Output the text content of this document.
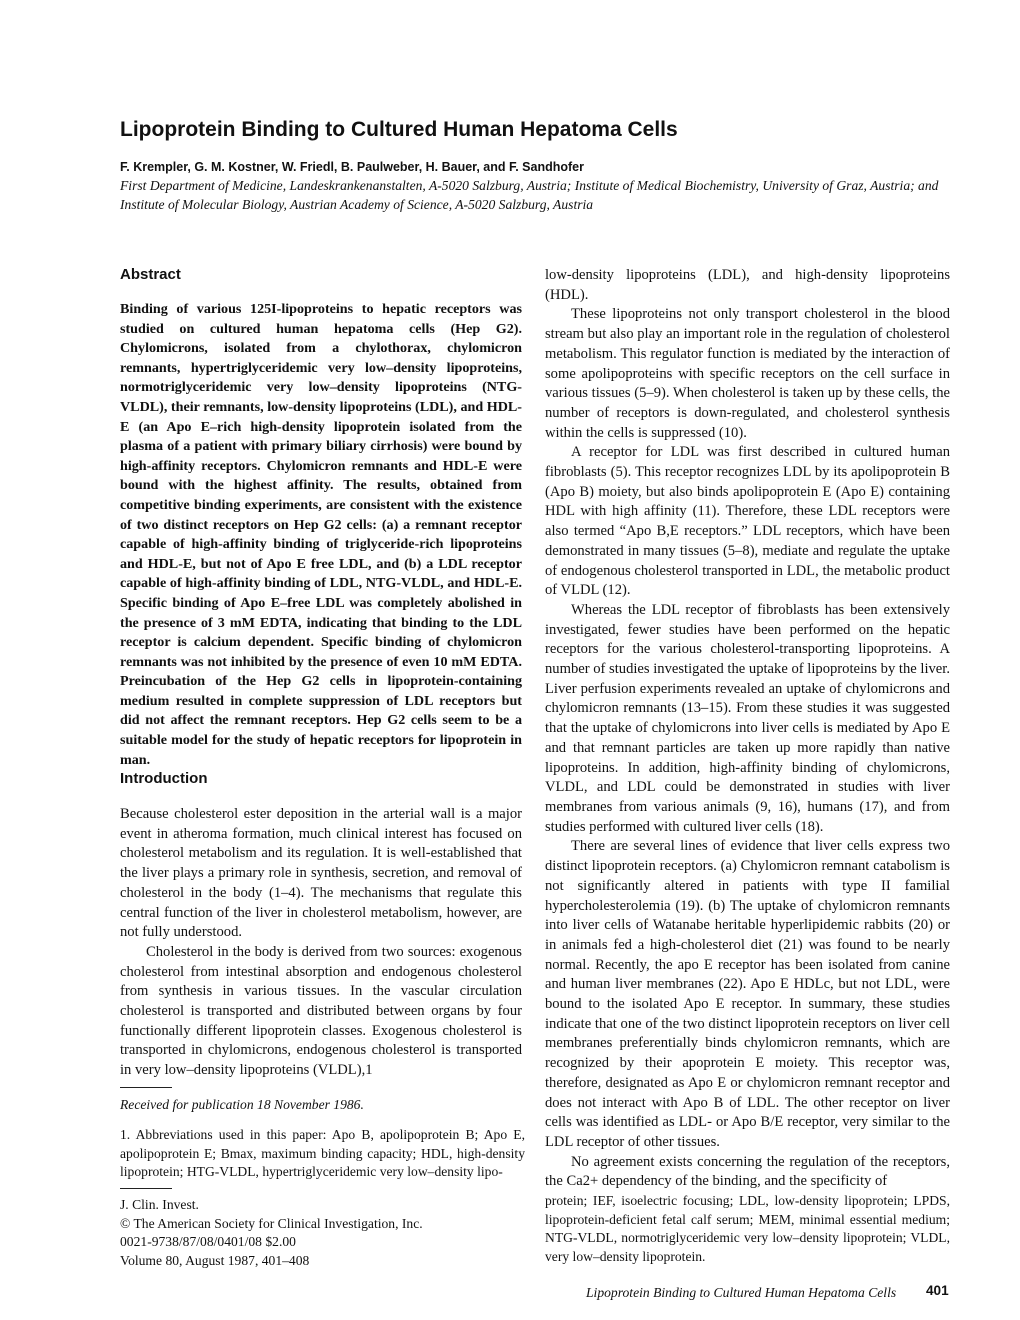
Lipoprotein Binding to Cultured Human Hepatoma Cells
F. Krempler, G. M. Kostner, W. Friedl, B. Paulweber, H. Bauer, and F. Sandhofer
First Department of Medicine, Landeskrankenanstalten, A-5020 Salzburg, Austria; Institute of Medical Biochemistry, University of Graz, Austria; and Institute of Molecular Biology, Austrian Academy of Science, A-5020 Salzburg, Austria
Abstract

Binding of various 125I-lipoproteins to hepatic receptors was studied on cultured human hepatoma cells (Hep G2). Chylomicrons, isolated from a chylothorax, chylomicron remnants, hypertriglyceridemic very low–density lipoproteins, normotriglyceridemic very low–density lipoproteins (NTG-VLDL), their remnants, low-density lipoproteins (LDL), and HDL-E (an Apo E–rich high-density lipoprotein isolated from the plasma of a patient with primary biliary cirrhosis) were bound by high-affinity receptors. Chylomicron remnants and HDL-E were bound with the highest affinity. The results, obtained from competitive binding experiments, are consistent with the existence of two distinct receptors on Hep G2 cells: (a) a remnant receptor capable of high-affinity binding of triglyceride-rich lipoproteins and HDL-E, but not of Apo E free LDL, and (b) a LDL receptor capable of high-affinity binding of LDL, NTG-VLDL, and HDL-E. Specific binding of Apo E–free LDL was completely abolished in the presence of 3 mM EDTA, indicating that binding to the LDL receptor is calcium dependent. Specific binding of chylomicron remnants was not inhibited by the presence of even 10 mM EDTA. Preincubation of the Hep G2 cells in lipoprotein-containing medium resulted in complete suppression of LDL receptors but did not affect the remnant receptors. Hep G2 cells seem to be a suitable model for the study of hepatic receptors for lipoprotein in man.

Introduction

Because cholesterol ester deposition in the arterial wall is a major event in atheroma formation, much clinical interest has focused on cholesterol metabolism and its regulation. It is well-established that the liver plays a primary role in synthesis, secretion, and removal of cholesterol in the body (1–4). The mechanisms that regulate this central function of the liver in cholesterol metabolism, however, are not fully understood.

Cholesterol in the body is derived from two sources: exogenous cholesterol from intestinal absorption and endogenous cholesterol from synthesis in various tissues. In the vascular circulation cholesterol is transported and distributed between organs by four functionally different lipoprotein classes. Exogenous cholesterol is transported in chylomicrons, endogenous cholesterol is transported in very low–density lipoproteins (VLDL),1

low-density lipoproteins (LDL), and high-density lipoproteins (HDL).

These lipoproteins not only transport cholesterol in the blood stream but also play an important role in the regulation of cholesterol metabolism. This regulator function is mediated by the interaction of some apolipoproteins with specific receptors on the cell surface in various tissues (5–9). When cholesterol is taken up by these cells, the number of receptors is down-regulated, and cholesterol synthesis within the cells is suppressed (10).

A receptor for LDL was first described in cultured human fibroblasts (5). This receptor recognizes LDL by its apolipoprotein B (Apo B) moiety, but also binds apolipoprotein E (Apo E) containing HDL with high affinity (11). Therefore, these LDL receptors were also termed “Apo B,E receptors.” LDL receptors, which have been demonstrated in many tissues (5–8), mediate and regulate the uptake of endogenous cholesterol transported in LDL, the metabolic product of VLDL (12).

Whereas the LDL receptor of fibroblasts has been extensively investigated, fewer studies have been performed on the hepatic receptors for the various cholesterol-transporting lipoproteins. A number of studies investigated the uptake of lipoproteins by the liver. Liver perfusion experiments revealed an uptake of chylomicrons and chylomicron remnants (13–15). From these studies it was suggested that the uptake of chylomicrons into liver cells is mediated by Apo E and that remnant particles are taken up more rapidly than native lipoproteins. In addition, high-affinity binding of chylomicrons, VLDL, and LDL could be demonstrated in studies with liver membranes from various animals (9, 16), humans (17), and from studies performed with cultured liver cells (18).

There are several lines of evidence that liver cells express two distinct lipoprotein receptors. (a) Chylomicron remnant catabolism is not significantly altered in patients with type II familial hypercholesterolemia (19). (b) The uptake of chylomicron remnants into liver cells of Watanabe heritable hyperlipidemic rabbits (20) or in animals fed a high-cholesterol diet (21) was found to be nearly normal. Recently, the apo E receptor has been isolated from canine and human liver membranes (22). Apo E HDLc, but not LDL, were bound to the isolated Apo E receptor. In summary, these studies indicate that one of the two distinct lipoprotein receptors on liver cell membranes preferentially binds chylomicron remnants, which are recognized by their apoprotein E moiety. This receptor was, therefore, designated as Apo E or chylomicron remnant receptor and does not interact with Apo B of LDL. The other receptor on liver cells was identified as LDL- or Apo B/E receptor, very similar to the LDL receptor of other tissues.

No agreement exists concerning the regulation of the receptors, the Ca2+ dependency of the binding, and the specificity of

Received for publication 18 November 1986.
1. Abbreviations used in this paper: Apo B, apolipoprotein B; Apo E, apolipoprotein E; Bmax, maximum binding capacity; HDL, high-density lipoprotein; HTG-VLDL, hypertriglyceridemic very low–density lipo-
J. Clin. Invest.
© The American Society for Clinical Investigation, Inc.
0021-9738/87/08/0401/08 $2.00
Volume 80, August 1987, 401–408
protein; IEF, isoelectric focusing; LDL, low-density lipoprotein; LPDS, lipoprotein-deficient fetal calf serum; MEM, minimal essential medium; NTG-VLDL, normotriglyceridemic very low–density lipoprotein; VLDL, very low–density lipoprotein.
Lipoprotein Binding to Cultured Human Hepatoma Cells 401
